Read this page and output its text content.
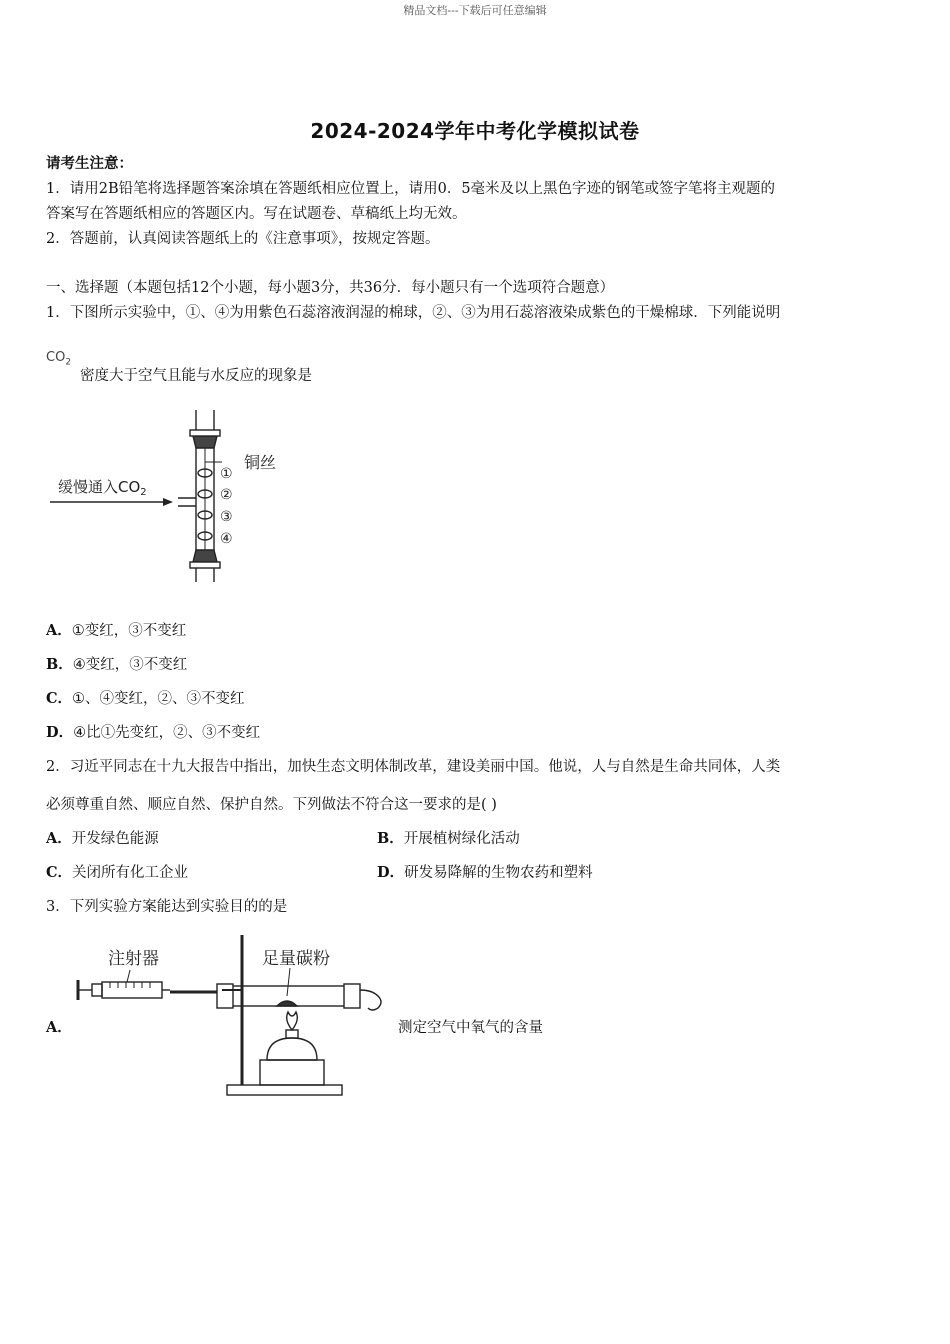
精品文档---下载后可任意编辑
2024-2024学年中考化学模拟试卷
请考生注意：
1．请用2B铅笔将选择题答案涂填在答题纸相应位置上，请用0．5毫米及以上黑色字迹的钢笔或签字笔将主观题的
答案写在答题纸相应的答题区内。写在试题卷、草稿纸上均无效。
2．答题前，认真阅读答题纸上的《注意事项》，按规定答题。
一、选择题（本题包括12个小题，每小题3分，共36分．每小题只有一个选项符合题意）
1．下图所示实验中，①、④为用紫色石蕊溶液润湿的棉球，②、③为用石蕊溶液染成紫色的干燥棉球．下列能说明
$CO_2$
密度大于空气且能与水反应的现象是
缓慢通入$CO_2$
铜丝
①
②
③
④
A．①变红，③不变红
B．④变红，③不变红
C．①、④变红，②、③不变红
D．④比①先变红，②、③不变红
2．习近平同志在十九大报告中指出，加快生态文明体制改革，建设美丽中国。他说，人与自然是生命共同体，人类
必须尊重自然、顺应自然、保护自然。下列做法不符合这一要求的是( )
A．开发绿色能源	B．开展植树绿化活动
C．关闭所有化工企业	D．研发易降解的生物农药和塑料
3．下列实验方案能达到实验目的的是
A．
注射器	足量碳粉
测定空气中氧气的含量
